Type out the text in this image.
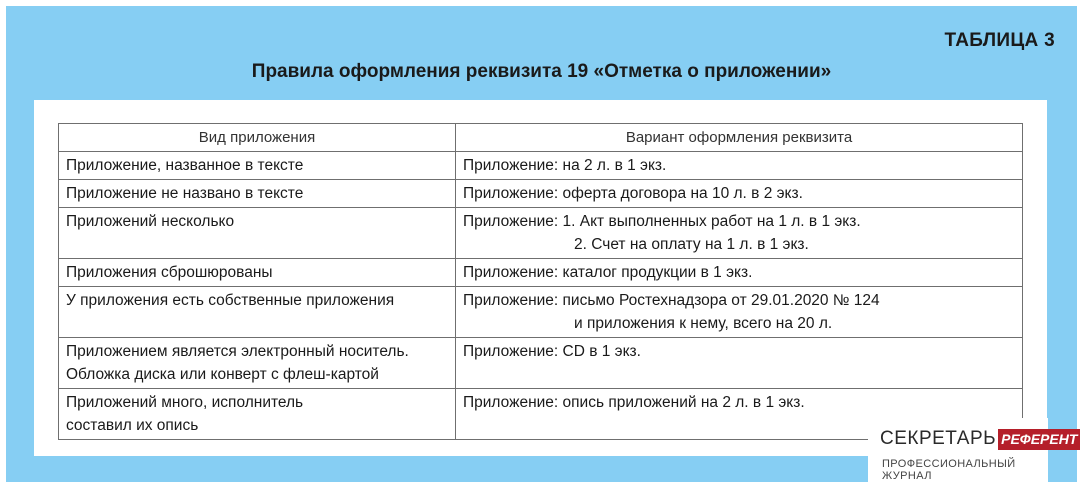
ТАБЛИЦА 3
Правила оформления реквизита 19 «Отметка о приложении»
Вид приложения	Вариант оформления реквизита

Приложение, названное в тексте	Приложение: на 2 л. в 1 экз.

Приложение не названо в тексте	Приложение: оферта договора на 10 л. в 2 экз.

Приложений несколько	Приложение: 1. Акт выполненных работ на 1 л. в 1 экз.
2. Счет на оплату на 1 л. в 1 экз.

Приложения сброшюрованы	Приложение: каталог продукции в 1 экз.

У приложения есть собственные приложения	Приложение: письмо Ростехнадзора от 29.01.2020 № 124
и приложения к нему, всего на 20 л.

Приложением является электронный носитель.
Обложка диска или конверт с флеш-картой	Приложение: CD в 1 экз.

Приложений много, исполнитель
составил их опись	Приложение: опись приложений на 2 л. в 1 экз.
СЕКРЕТАРЬ РЕФЕРЕНТ
ПРОФЕССИОНАЛЬНЫЙ ЖУРНАЛ
